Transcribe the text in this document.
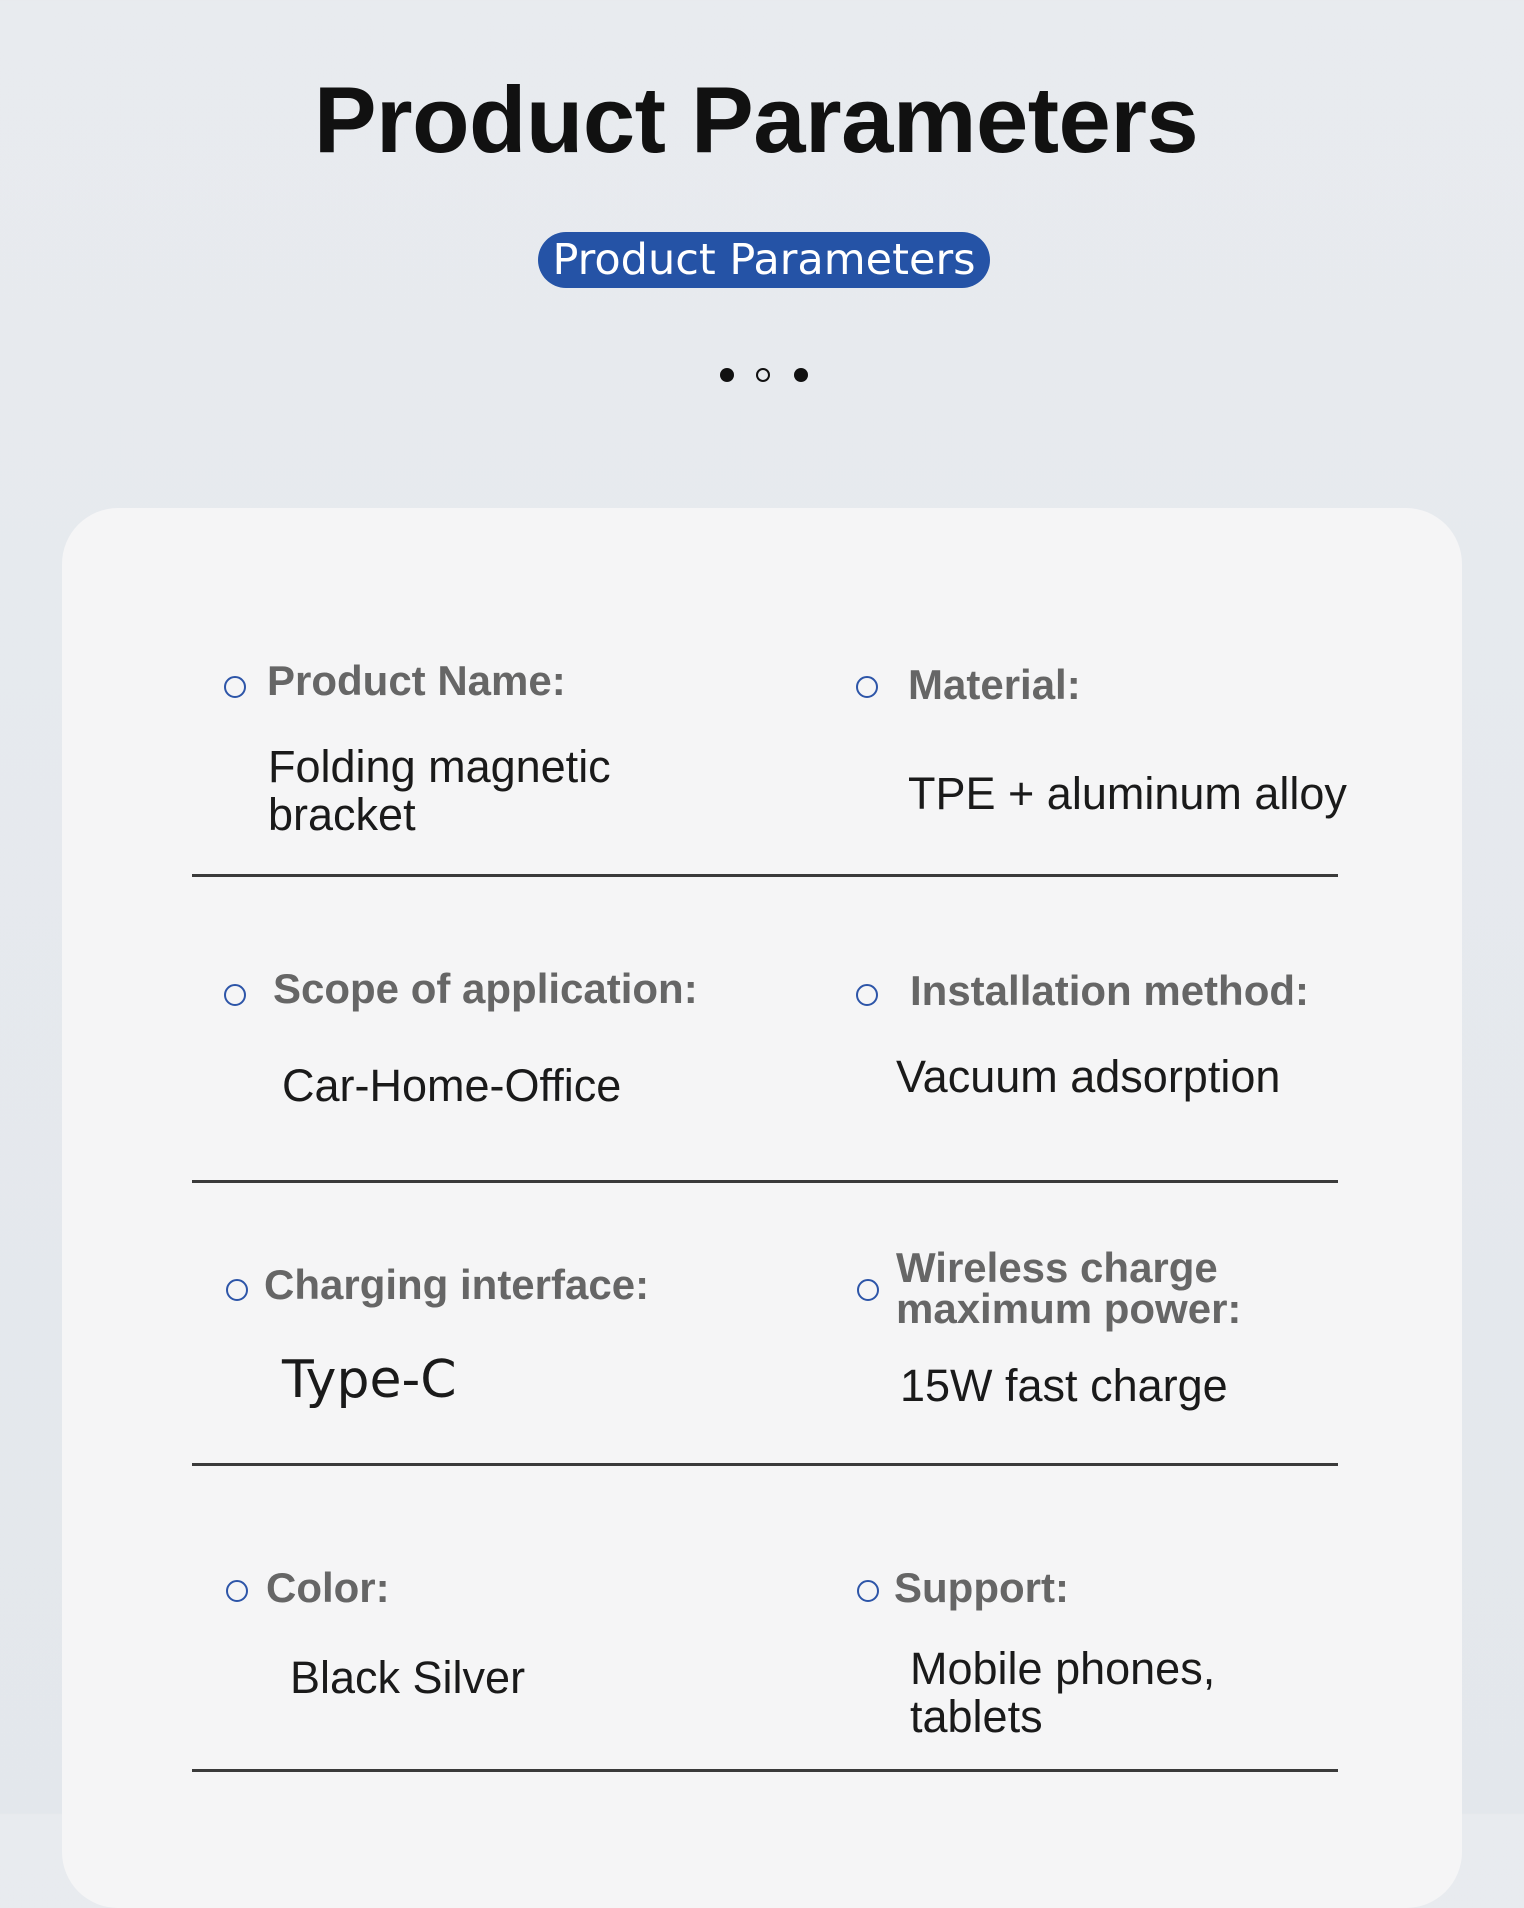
Product Parameters
Product Parameters
Product Name:
Folding magnetic bracket
Material:
TPE + aluminum alloy
Scope of application:
Car-Home-Office
Installation method:
Vacuum adsorption
Charging interface:
Type-C
Wireless charge maximum power:
15W fast charge
Color:
Black Silver
Support:
Mobile phones, tablets
